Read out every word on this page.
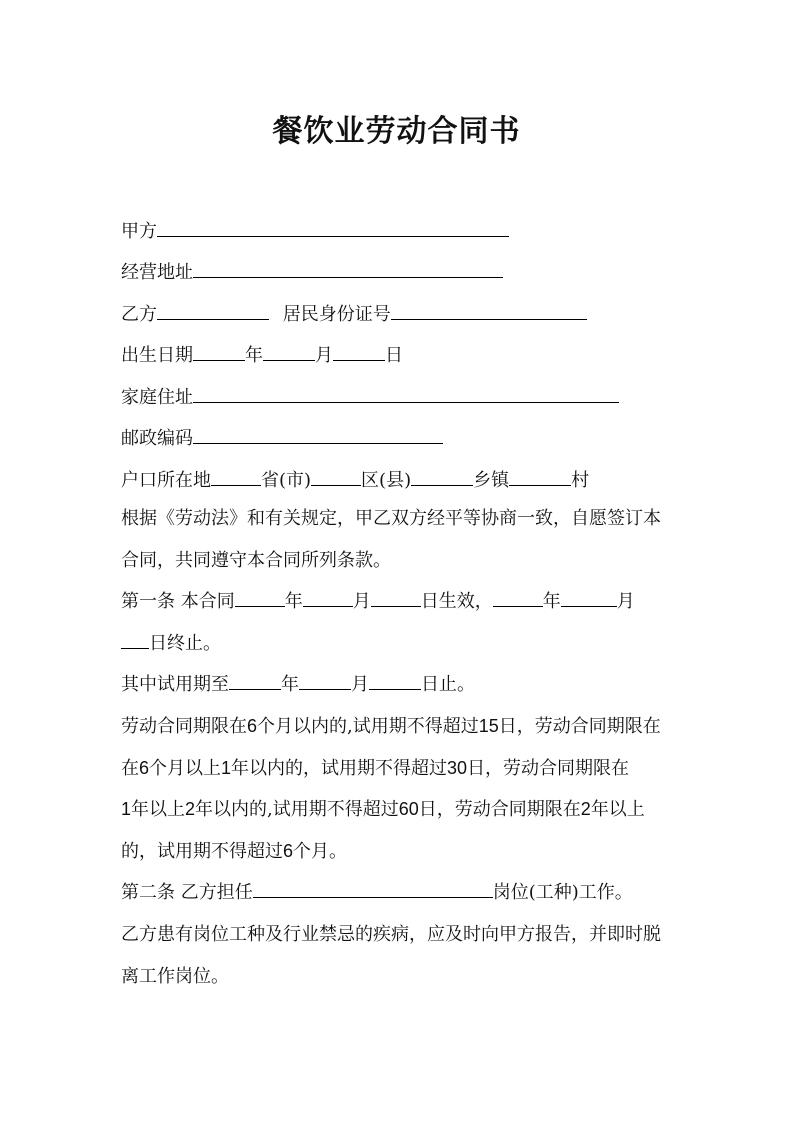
餐饮业劳动合同书
甲方
经营地址
乙方	居民身份证号
出生日期	年	月	日
家庭住址
邮政编码
户口所在地	省(市)	区(县)	乡镇	村
根据《劳动法》和有关规定，甲乙双方经平等协商一致，自愿签订本合同，共同遵守本合同所列条款。
第一条 本合同	年	月	日生效，	年	月
日终止。
其中试用期至	年	月	日止。
劳动合同期限在6个月以内的,试用期不得超过15日，劳动合同期限在
在6个月以上1年以内的，试用期不得超过30日，劳动合同期限在
1年以上2年以内的,试用期不得超过60日，劳动合同期限在2年以上的，试用期不得超过6个月。
第二条 乙方担任	岗位(工种)工作。
乙方患有岗位工种及行业禁忌的疾病，应及时向甲方报告，并即时脱离工作岗位。
